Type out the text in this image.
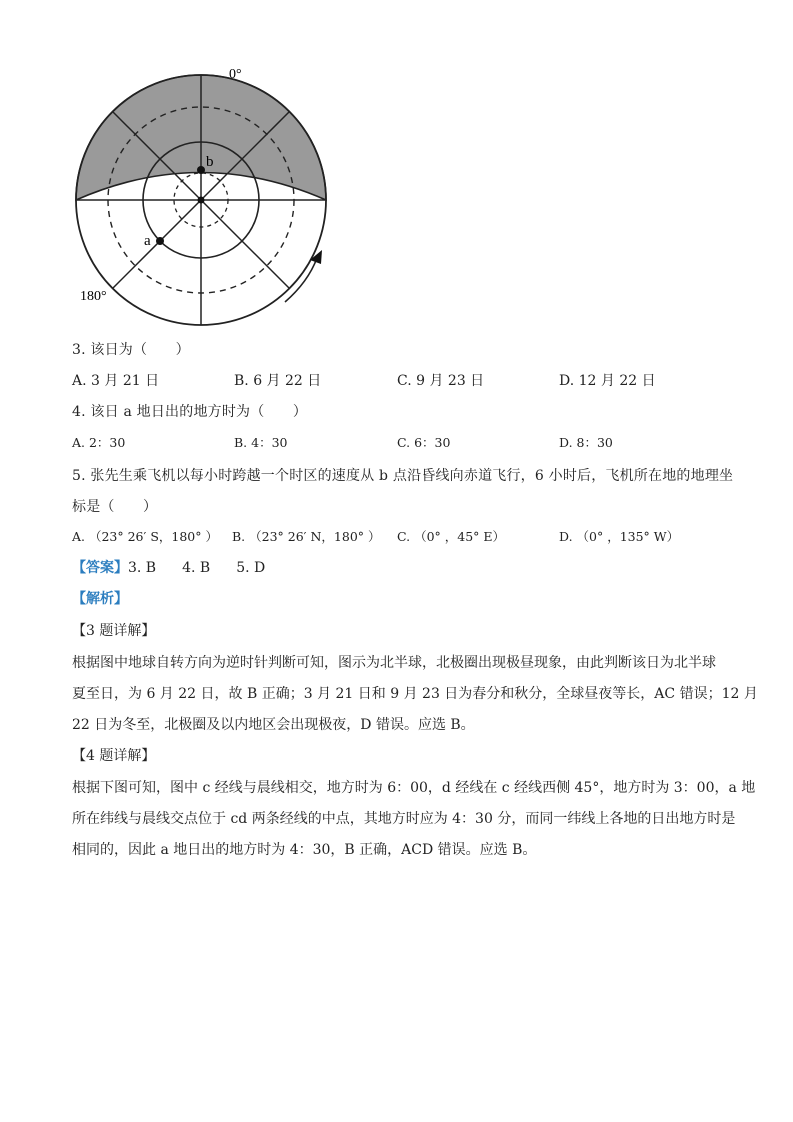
0°
180°
a
b
3. 该日为（　　）
A. 3 月 21 日	B. 6 月 22 日	C. 9 月 23 日	D. 12 月 22 日
4. 该日 a 地日出的地方时为（　　）
A. 2：30	B. 4：30	C. 6：30	D. 8：30
5. 张先生乘飞机以每小时跨越一个时区的速度从 b 点沿昏线向赤道飞行，6 小时后，飞机所在地的地理坐
标是（　　）
A. （23° 26′ S，180° ） B. （23° 26′ N，180° ） C. （0° ，45° E）	D. （0° ，135° W）
【答案】3. B 4. B 5. D
【解析】
【3 题详解】
根据图中地球自转方向为逆时针判断可知，图示为北半球，北极圈出现极昼现象，由此判断该日为北半球
夏至日，为 6 月 22 日，故 B 正确；3 月 21 日和 9 月 23 日为春分和秋分，全球昼夜等长，AC 错误；12 月
22 日为冬至，北极圈及以内地区会出现极夜，D 错误。应选 B。
【4 题详解】
根据下图可知，图中 c 经线与晨线相交，地方时为 6：00，d 经线在 c 经线西侧 45°，地方时为 3：00，a 地
所在纬线与晨线交点位于 cd 两条经线的中点，其地方时应为 4：30 分，而同一纬线上各地的日出地方时是
相同的，因此 a 地日出的地方时为 4：30，B 正确，ACD 错误。应选 B。
